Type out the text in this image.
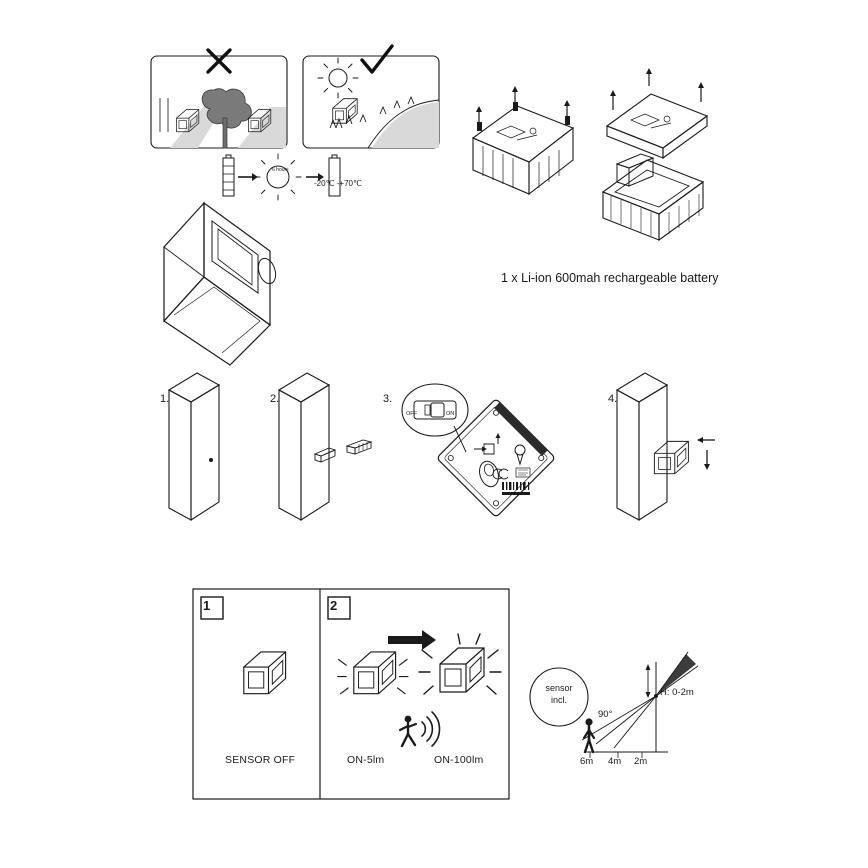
6 hours
-20℃ -+70℃
1 x Li-ion 600mah rechargeable battery
1.	2.	3.
OFF	ON
4.
1	2
SENSOR OFF	ON-5lm	ON-100lm
sensor
incl.
H: 0-2m
90°
6m 4m 2m
